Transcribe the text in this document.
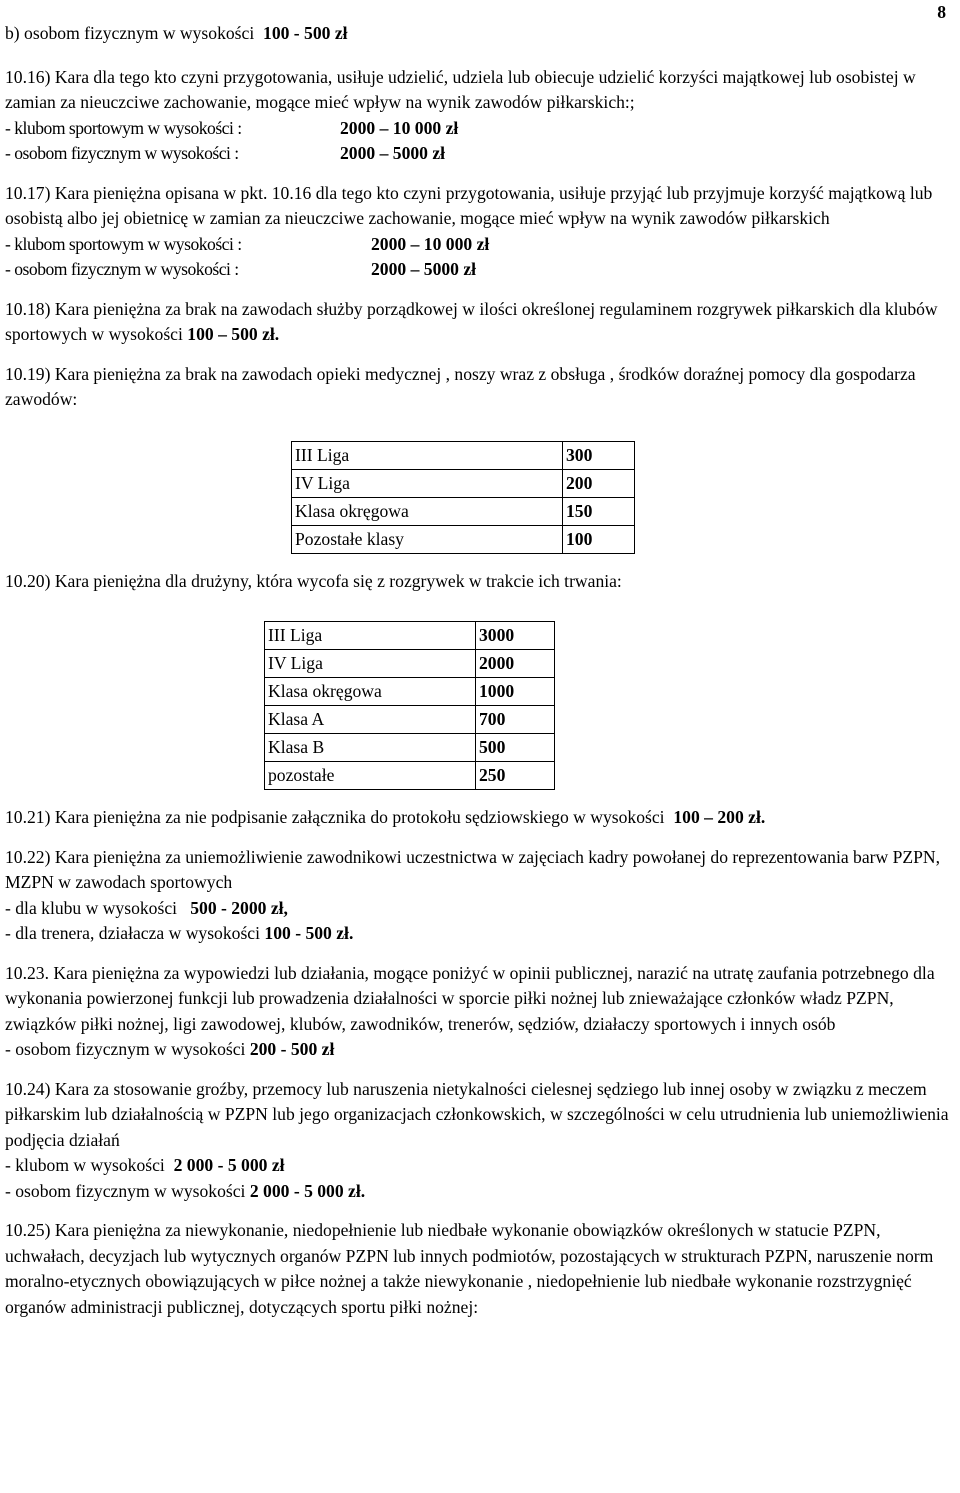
8

b) osobom fizycznym w wysokości 100 - 500 zł

10.16) Kara dla tego kto czyni przygotowania, usiłuje udzielić, udziela lub obiecuje udzielić korzyści majątkowej lub osobistej w zamian za nieuczciwe zachowanie, mogące mieć wpływ na wynik zawodów piłkarskich:;

- klubom sportowym w wysokości :	2000 – 10 000 zł
- osobom fizycznym w wysokości :	2000 – 5000 zł

10.17) Kara pieniężna opisana w pkt. 10.16 dla tego kto czyni przygotowania, usiłuje przyjąć lub przyjmuje korzyść majątkową lub osobistą albo jej obietnicę w zamian za nieuczciwe zachowanie, mogące mieć wpływ na wynik zawodów piłkarskich

- klubom sportowym w wysokości :	2000 – 10 000 zł
- osobom fizycznym w wysokości :	2000 – 5000 zł

10.18) Kara pieniężna za brak na zawodach służby porządkowej w ilości określonej regulaminem rozgrywek piłkarskich dla klubów sportowych w wysokości 100 – 500 zł.

10.19) Kara pieniężna za brak na zawodach opieki medycznej , noszy wraz z obsługa , środków doraźnej pomocy dla gospodarza zawodów:

III Liga	300
IV Liga	200
Klasa okręgowa	150
Pozostałe klasy	100

10.20) Kara pieniężna dla drużyny, która wycofa się z rozgrywek w trakcie ich trwania:

III Liga	3000
IV Liga	2000
Klasa okręgowa	1000
Klasa A	700
Klasa B	500
pozostałe	250

10.21) Kara pieniężna za nie podpisanie załącznika do protokołu sędziowskiego w wysokości 100 – 200 zł.

10.22) Kara pieniężna za uniemożliwienie zawodnikowi uczestnictwa w zajęciach kadry powołanej do reprezentowania barw PZPN, MZPN w zawodach sportowych

- dla klubu w wysokości 500 - 2000 zł,

- dla trenera, działacza w wysokości 100 - 500 zł.

10.23. Kara pieniężna za wypowiedzi lub działania, mogące poniżyć w opinii publicznej, narazić na utratę zaufania potrzebnego dla wykonania powierzonej funkcji lub prowadzenia działalności w sporcie piłki nożnej lub znieważające członków władz PZPN, związków piłki nożnej, ligi zawodowej, klubów, zawodników, trenerów, sędziów, działaczy sportowych i innych osób

- osobom fizycznym w wysokości 200 - 500 zł

10.24) Kara za stosowanie groźby, przemocy lub naruszenia nietykalności cielesnej sędziego lub innej osoby w związku z meczem piłkarskim lub działalnością w PZPN lub jego organizacjach członkowskich, w szczególności w celu utrudnienia lub uniemożliwienia podjęcia działań

- klubom w wysokości 2 000 - 5 000 zł

- osobom fizycznym w wysokości 2 000 - 5 000 zł.

10.25) Kara pieniężna za niewykonanie, niedopełnienie lub niedbałe wykonanie obowiązków określonych w statucie PZPN, uchwałach, decyzjach lub wytycznych organów PZPN lub innych podmiotów, pozostających w strukturach PZPN, naruszenie norm moralno-etycznych obowiązujących w piłce nożnej a także niewykonanie , niedopełnienie lub niedbałe wykonanie rozstrzygnięć organów administracji publicznej, dotyczących sportu piłki nożnej:
